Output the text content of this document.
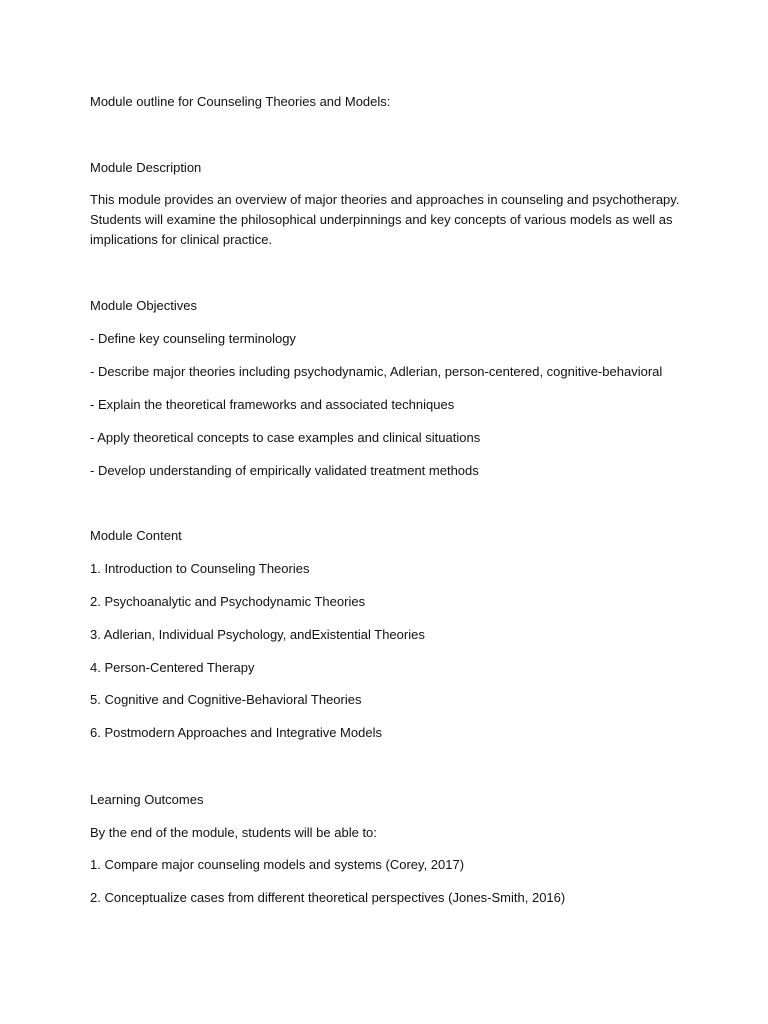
Module outline for Counseling Theories and Models:
Module Description
This module provides an overview of major theories and approaches in counseling and psychotherapy.
Students will examine the philosophical underpinnings and key concepts of various models as well as
implications for clinical practice.
Module Objectives
- Define key counseling terminology
- Describe major theories including psychodynamic, Adlerian, person-centered, cognitive-behavioral
- Explain the theoretical frameworks and associated techniques
- Apply theoretical concepts to case examples and clinical situations
- Develop understanding of empirically validated treatment methods
Module Content
1. Introduction to Counseling Theories
2. Psychoanalytic and Psychodynamic Theories
3. Adlerian, Individual Psychology, andExistential Theories
4. Person-Centered Therapy
5. Cognitive and Cognitive-Behavioral Theories
6. Postmodern Approaches and Integrative Models
Learning Outcomes
By the end of the module, students will be able to:
1. Compare major counseling models and systems (Corey, 2017)
2. Conceptualize cases from different theoretical perspectives (Jones-Smith, 2016)
